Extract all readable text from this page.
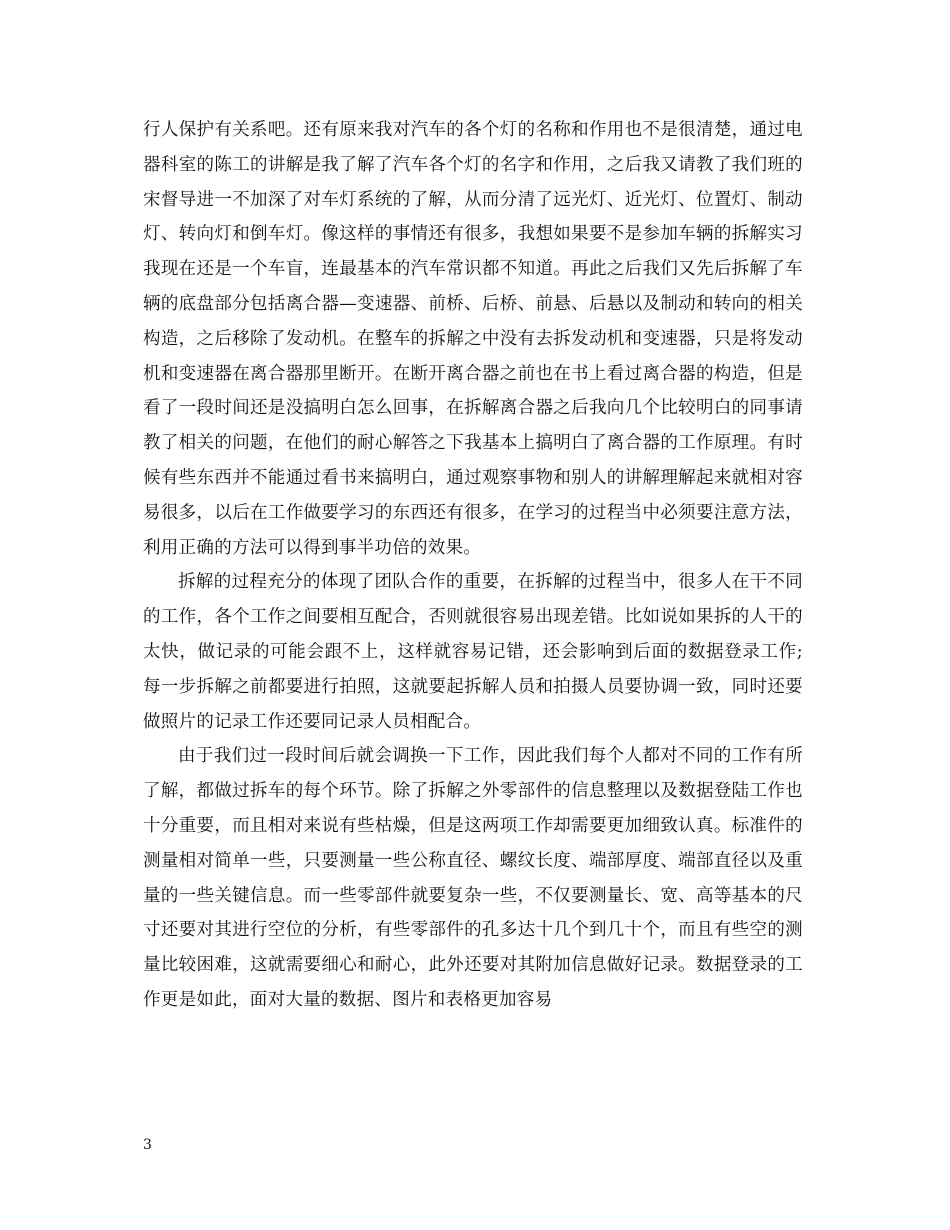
行人保护有关系吧。还有原来我对汽车的各个灯的名称和作用也不是很清楚，通过电器科室的陈工的讲解是我了解了汽车各个灯的名字和作用，之后我又请教了我们班的宋督导进一不加深了对车灯系统的了解，从而分清了远光灯、近光灯、位置灯、制动灯、转向灯和倒车灯。像这样的事情还有很多，我想如果要不是参加车辆的拆解实习我现在还是一个车盲，连最基本的汽车常识都不知道。再此之后我们又先后拆解了车辆的底盘部分包括离合器—变速器、前桥、后桥、前悬、后悬以及制动和转向的相关构造，之后移除了发动机。在整车的拆解之中没有去拆发动机和变速器，只是将发动机和变速器在离合器那里断开。在断开离合器之前也在书上看过离合器的构造，但是看了一段时间还是没搞明白怎么回事，在拆解离合器之后我向几个比较明白的同事请教了相关的问题，在他们的耐心解答之下我基本上搞明白了离合器的工作原理。有时候有些东西并不能通过看书来搞明白，通过观察事物和别人的讲解理解起来就相对容易很多，以后在工作做要学习的东西还有很多，在学习的过程当中必须要注意方法，利用正确的方法可以得到事半功倍的效果。

拆解的过程充分的体现了团队合作的重要，在拆解的过程当中，很多人在干不同的工作，各个工作之间要相互配合，否则就很容易出现差错。比如说如果拆的人干的太快，做记录的可能会跟不上，这样就容易记错，还会影响到后面的数据登录工作;每一步拆解之前都要进行拍照，这就要起拆解人员和拍摄人员要协调一致，同时还要做照片的记录工作还要同记录人员相配合。

由于我们过一段时间后就会调换一下工作，因此我们每个人都对不同的工作有所了解，都做过拆车的每个环节。除了拆解之外零部件的信息整理以及数据登陆工作也十分重要，而且相对来说有些枯燥，但是这两项工作却需要更加细致认真。标准件的测量相对简单一些，只要测量一些公称直径、螺纹长度、端部厚度、端部直径以及重量的一些关键信息。而一些零部件就要复杂一些，不仅要测量长、宽、高等基本的尺寸还要对其进行空位的分析，有些零部件的孔多达十几个到几十个，而且有些空的测量比较困难，这就需要细心和耐心，此外还要对其附加信息做好记录。数据登录的工作更是如此，面对大量的数据、图片和表格更加容易

3
